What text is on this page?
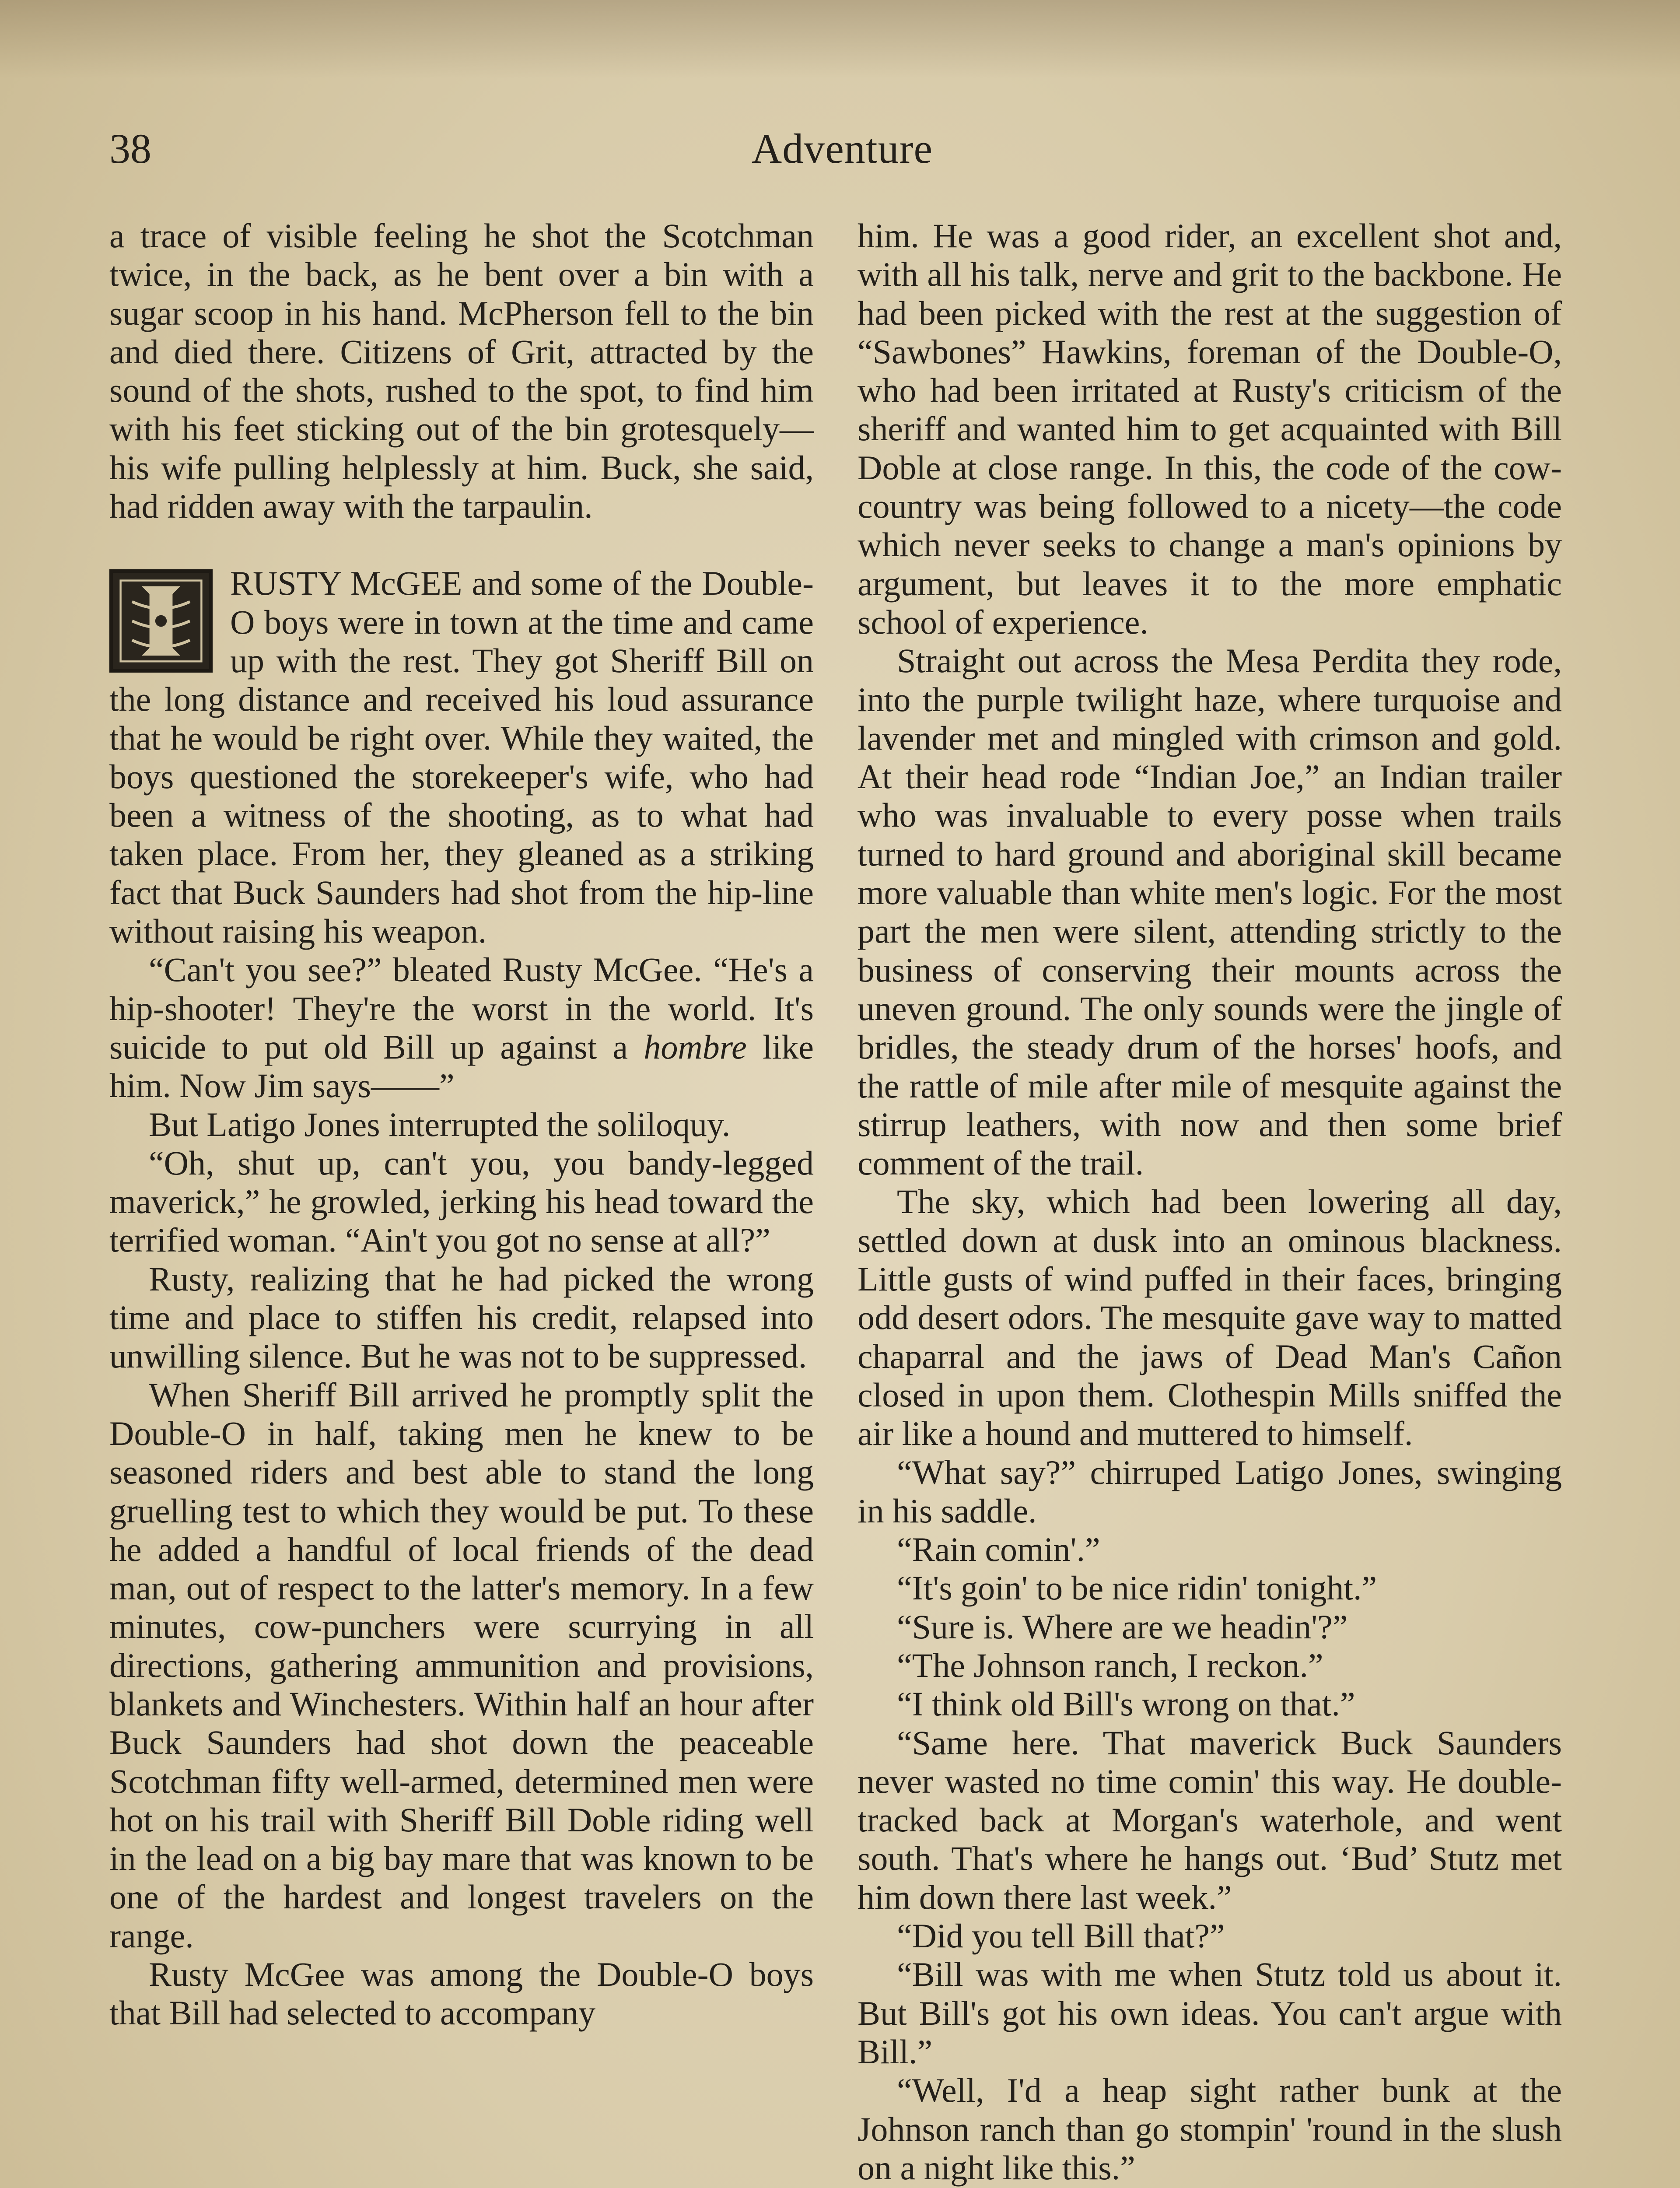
38	Adventure

a trace of visible feeling he shot the Scotchman twice, in the back, as he bent over a bin with a sugar scoop in his hand. McPherson fell to the bin and died there. Citizens of Grit, attracted by the sound of the shots, rushed to the spot, to find him with his feet sticking out of the bin grotesquely—his wife pulling helplessly at him. Buck, she said, had ridden away with the tarpaulin.

RUSTY McGEE and some of the Double-O boys were in town at the time and came up with the rest. They got Sheriff Bill on the long distance and received his loud assurance that he would be right over. While they waited, the boys questioned the storekeeper's wife, who had been a witness of the shooting, as to what had taken place. From her, they gleaned as a striking fact that Buck Saunders had shot from the hip-line without raising his weapon.

“Can't you see?” bleated Rusty McGee. “He's a hip-shooter! They're the worst in the world. It's suicide to put old Bill up against a hombre like him. Now Jim says——”

But Latigo Jones interrupted the soliloquy.

“Oh, shut up, can't you, you bandy-legged maverick,” he growled, jerking his head toward the terrified woman. “Ain't you got no sense at all?”

Rusty, realizing that he had picked the wrong time and place to stiffen his credit, relapsed into unwilling silence. But he was not to be suppressed.

When Sheriff Bill arrived he promptly split the Double-O in half, taking men he knew to be seasoned riders and best able to stand the long gruelling test to which they would be put. To these he added a handful of local friends of the dead man, out of respect to the latter's memory. In a few minutes, cow-punchers were scurrying in all directions, gathering ammunition and provisions, blankets and Winchesters. Within half an hour after Buck Saunders had shot down the peaceable Scotchman fifty well-armed, determined men were hot on his trail with Sheriff Bill Doble riding well in the lead on a big bay mare that was known to be one of the hardest and longest travelers on the range.

Rusty McGee was among the Double-O boys that Bill had selected to accompany

him. He was a good rider, an excellent shot and, with all his talk, nerve and grit to the backbone. He had been picked with the rest at the suggestion of “Sawbones” Hawkins, foreman of the Double-O, who had been irritated at Rusty's criticism of the sheriff and wanted him to get acquainted with Bill Doble at close range. In this, the code of the cow-country was being followed to a nicety—the code which never seeks to change a man's opinions by argument, but leaves it to the more emphatic school of experience.

Straight out across the Mesa Perdita they rode, into the purple twilight haze, where turquoise and lavender met and mingled with crimson and gold. At their head rode “Indian Joe,” an Indian trailer who was invaluable to every posse when trails turned to hard ground and aboriginal skill became more valuable than white men's logic. For the most part the men were silent, attending strictly to the business of conserving their mounts across the uneven ground. The only sounds were the jingle of bridles, the steady drum of the horses' hoofs, and the rattle of mile after mile of mesquite against the stirrup leathers, with now and then some brief comment of the trail.

The sky, which had been lowering all day, settled down at dusk into an ominous blackness. Little gusts of wind puffed in their faces, bringing odd desert odors. The mesquite gave way to matted chaparral and the jaws of Dead Man's Cañon closed in upon them. Clothespin Mills sniffed the air like a hound and muttered to himself.

“What say?” chirruped Latigo Jones, swinging in his saddle.

“Rain comin'.”

“It's goin' to be nice ridin' tonight.”

“Sure is. Where are we headin'?”

“The Johnson ranch, I reckon.”

“I think old Bill's wrong on that.”

“Same here. That maverick Buck Saunders never wasted no time comin' this way. He double-tracked back at Morgan's waterhole, and went south. That's where he hangs out. ‘Bud’ Stutz met him down there last week.”

“Did you tell Bill that?”

“Bill was with me when Stutz told us about it. But Bill's got his own ideas. You can't argue with Bill.”

“Well, I'd a heap sight rather bunk at the Johnson ranch than go stompin' 'round in the slush on a night like this.”
